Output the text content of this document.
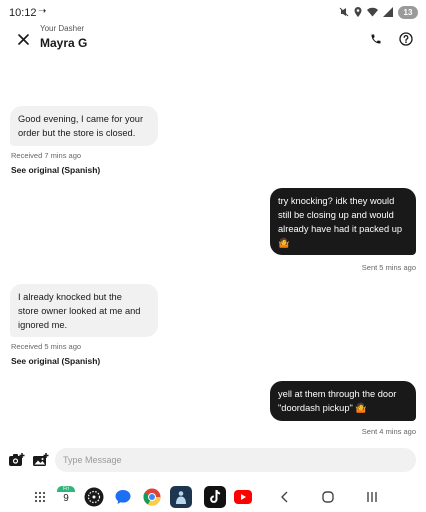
10:12 ➝	13
Your Dasher
Mayra G
Good evening, I came for your
order but the store is closed.
Received 7 mins ago
See original (Spanish)
try knocking? idk they would
still be closing up and would
already have had it packed up
🤷
Sent 5 mins ago
I already knocked but the
store owner looked at me and
ignored me.
Received 5 mins ago
See original (Spanish)
yell at them through the door
"doordash pickup" 🤷
Sent 4 mins ago
Type Message
Fri
9
